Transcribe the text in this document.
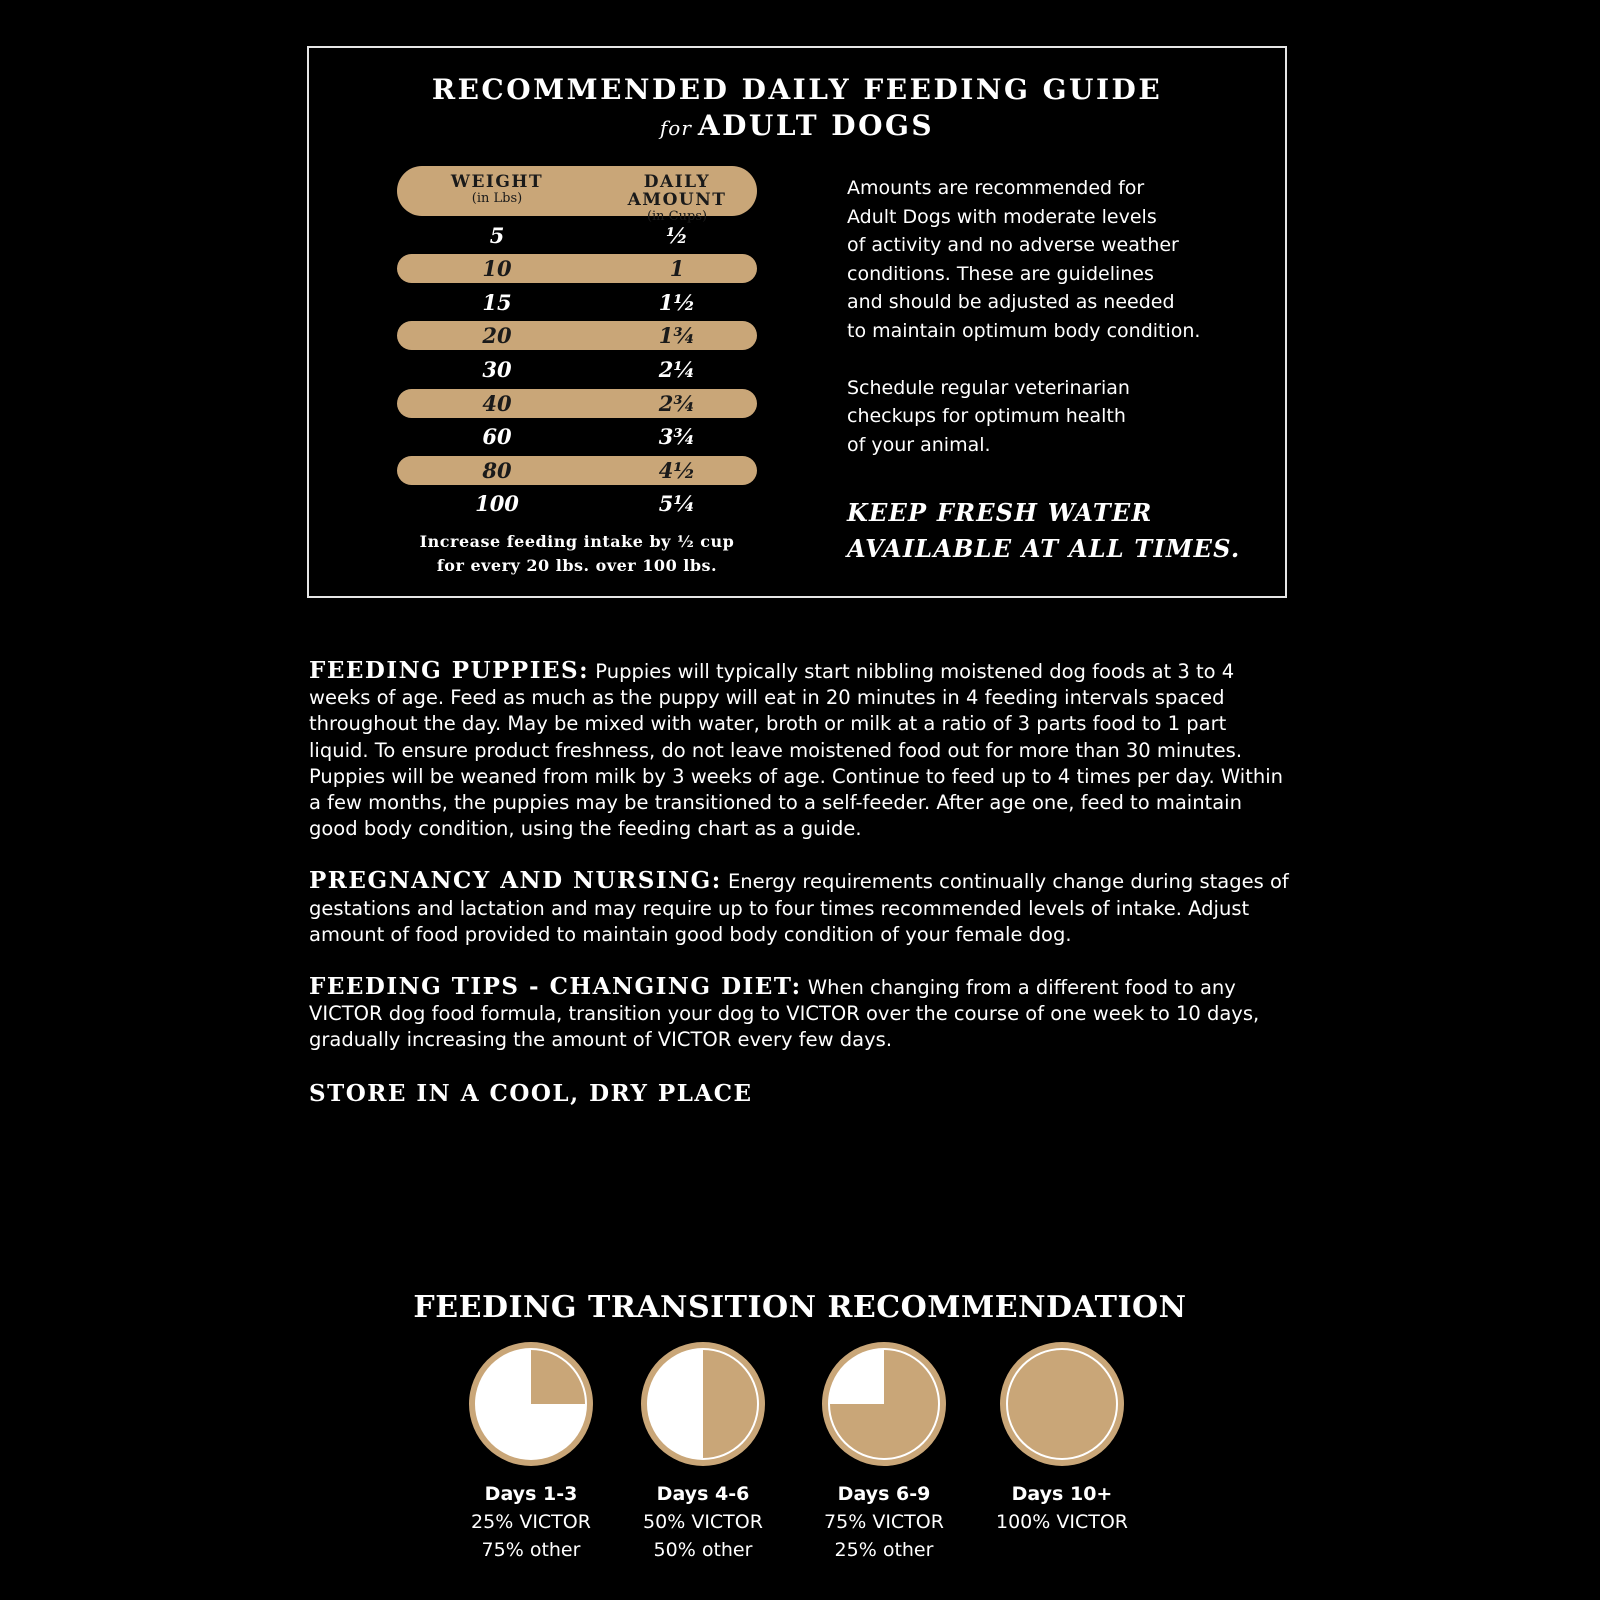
RECOMMENDED DAILY FEEDING GUIDE
for ADULT DOGS
WEIGHT
(in Lbs)
DAILY AMOUNT
(in Cups)
5	½
10	1
15	1½
20	1¾
30	2¼
40	2¾
60	3¾
80	4½
100	5¼
Increase feeding intake by ½ cup
for every 20 lbs. over 100 lbs.

Amounts are recommended for
Adult Dogs with moderate levels
of activity and no adverse weather
conditions. These are guidelines
and should be adjusted as needed
to maintain optimum body condition.

Schedule regular veterinarian
checkups for optimum health
of your animal.

KEEP FRESH WATER
AVAILABLE AT ALL TIMES.

FEEDING PUPPIES: Puppies will typically start nibbling moistened dog foods at 3 to 4 weeks of age. Feed as much as the puppy will eat in 20 minutes in 4 feeding intervals spaced throughout the day. May be mixed with water, broth or milk at a ratio of 3 parts food to 1 part liquid. To ensure product freshness, do not leave moistened food out for more than 30 minutes. Puppies will be weaned from milk by 3 weeks of age. Continue to feed up to 4 times per day. Within a few months, the puppies may be transitioned to a self-feeder. After age one, feed to maintain good body condition, using the feeding chart as a guide.

PREGNANCY AND NURSING: Energy requirements continually change during stages of gestations and lactation and may require up to four times recommended levels of intake. Adjust amount of food provided to maintain good body condition of your female dog.

FEEDING TIPS - CHANGING DIET: When changing from a different food to any VICTOR dog food formula, transition your dog to VICTOR over the course of one week to 10 days, gradually increasing the amount of VICTOR every few days.

STORE IN A COOL, DRY PLACE
FEEDING TRANSITION RECOMMENDATION
Days 1-3
25% VICTOR
75% other
Days 4-6
50% VICTOR
50% other
Days 6-9
75% VICTOR
25% other
Days 10+
100% VICTOR
